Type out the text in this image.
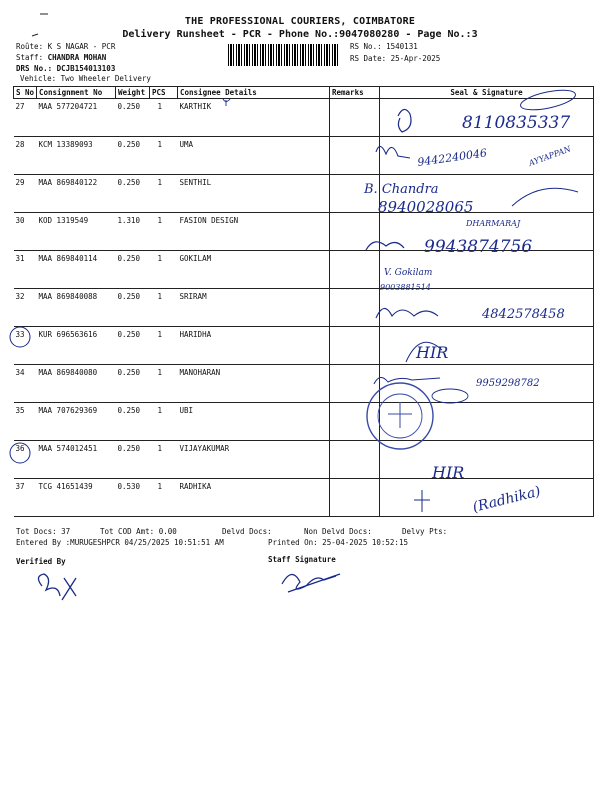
THE PROFESSIONAL COURIERS, COIMBATORE
Delivery Runsheet - PCR - Phone No.:9047080280 - Page No.:3
Roûte: K S NAGAR - PCR
Staff: CHANDRA MOHAN
DRS No.: DCJB154013103
Vehicle: Two Wheeler Delivery
RS No.: 1540131
RS Date: 25-Apr-2025
S No	Consignment No	Weight	PCS	Consignee Details	Remarks	Seal & Signature
27	MAA 577204721	0.250	1	KARTHIK		
28	KCM 13389093	0.250	1	UMA		
29	MAA 869840122	0.250	1	SENTHIL		
30	KOD 1319549	1.310	1	FASION DESIGN		
31	MAA 869840114	0.250	1	GOKILAM		
32	MAA 869840088	0.250	1	SRIRAM		
33	KUR 696563616	0.250	1	HARIDHA		
34	MAA 869840080	0.250	1	MANOHARAN		
35	MAA 707629369	0.250	1	UBI		
36	MAA 574012451	0.250	1	VIJAYAKUMAR		
37	TCG 41651439	0.530	1	RADHIKA		
Tot Docs: 37	Tot COD Amt: 0.00	Delvd Docs:	Non Delvd Docs:	Delvy Pts:
Entered By :MURUGESHPCR 04/25/2025 10:51:51 AM	Printed On: 25-04-2025 10:52:15
Verified By	Staff Signature
8110835337
9442240046	AYYAPPAN
B. Chandra
8940028065
DHARMARAJ
9943874756
V. Gokilam
9003881514
4842578458
HIR
9959298782
HIR
(Radhika)
